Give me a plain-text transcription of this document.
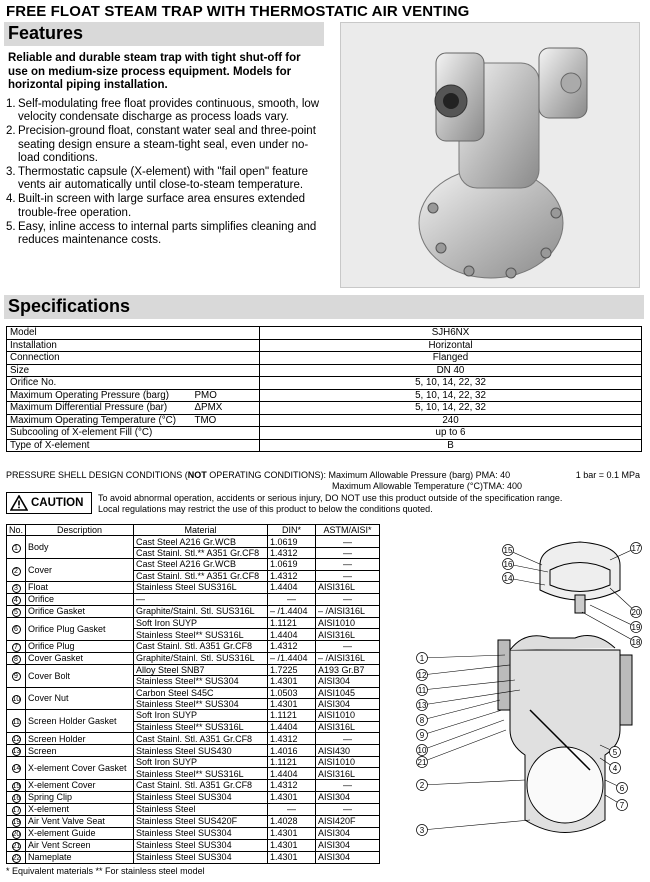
FREE FLOAT STEAM TRAP WITH THERMOSTATIC AIR VENTING
Features
Reliable and durable steam trap with tight shut-off for use on medium-size process equipment. Models for horizontal piping installation.
1. Self-modulating free float provides continuous, smooth, low velocity condensate discharge as process loads vary.
2. Precision-ground float, constant water seal and three-point seating design ensure a steam-tight seal, even under no-load conditions.
3. Thermostatic capsule (X-element) with "fail open" feature vents air automatically until close-to-steam temperature.
4. Built-in screen with large surface area ensures extended trouble-free operation.
5. Easy, inline access to internal parts simplifies cleaning and reduces maintenance costs.
Specifications
Model		SJH6NX
Installation		Horizontal
Connection		Flanged
Size		DN 40
Orifice No.		5, 10, 14, 22, 32
Maximum Operating Pressure (barg)	PMO	5, 10, 14, 22, 32
Maximum Differential Pressure (bar)	ΔPMX	5, 10, 14, 22, 32
Maximum Operating Temperature (°C)	TMO	240
Subcooling of X-element Fill (°C)		up to 6
Type of X-element		B
PRESSURE SHELL DESIGN CONDITIONS (NOT OPERATING CONDITIONS): Maximum Allowable Pressure (barg) PMA: 40
Maximum Allowable Temperature (°C)TMA: 400
1 bar = 0.1 MPa
CAUTION To avoid abnormal operation, accidents or serious injury, DO NOT use this product outside of the specification range.
Local regulations may restrict the use of this product to below the conditions quoted.
No.	Description	Material	DIN*	ASTM/AISI*
1	Body	Cast Steel A216 Gr.WCB	1.0619	—
		Cast Stainl. Stl.** A351 Gr.CF8	1.4312	—
2	Cover	Cast Steel A216 Gr.WCB	1.0619	—
		Cast Stainl. Stl.** A351 Gr.CF8	1.4312	—
3	Float	Stainless Steel SUS316L	1.4404	AISI316L
4	Orifice	—	—	—
5	Orifice Gasket	Graphite/Stainl. Stl. SUS316L	– /1.4404	– /AISI316L
6	Orifice Plug Gasket	Soft Iron SUYP	1.1121	AISI1010
		Stainless Steel** SUS316L	1.4404	AISI316L
7	Orifice Plug	Cast Stainl. Stl. A351 Gr.CF8	1.4312	—
8	Cover Gasket	Graphite/Stainl. Stl. SUS316L	– /1.4404	– /AISI316L
9	Cover Bolt	Alloy Steel SNB7	1.7225	A193 Gr.B7
		Stainless Steel** SUS304	1.4301	AISI304
10	Cover Nut	Carbon Steel S45C	1.0503	AISI1045
		Stainless Steel** SUS304	1.4301	AISI304
11	Screen Holder Gasket	Soft Iron SUYP	1.1121	AISI1010
		Stainless Steel** SUS316L	1.4404	AISI316L
12	Screen Holder	Cast Stainl. Stl. A351 Gr.CF8	1.4312	—
13	Screen	Stainless Steel SUS430	1.4016	AISI430
14	X-element Cover Gasket	Soft Iron SUYP	1.1121	AISI1010
		Stainless Steel** SUS316L	1.4404	AISI316L
15	X-element Cover	Cast Stainl. Stl. A351 Gr.CF8	1.4312	—
16	Spring Clip	Stainless Steel SUS304	1.4301	AISI304
17	X-element	Stainless Steel	—	—
19	Air Vent Valve Seat	Stainless Steel SUS420F	1.4028	AISI420F
20	X-element Guide	Stainless Steel SUS304	1.4301	AISI304
21	Air Vent Screen	Stainless Steel SUS304	1.4301	AISI304
22	Nameplate	Stainless Steel SUS304	1.4301	AISI304
* Equivalent materials ** For stainless steel model
15
16
14
17
20
19
18
1
12
11
13
8
9
10
21
2
3
5
4
6
7
